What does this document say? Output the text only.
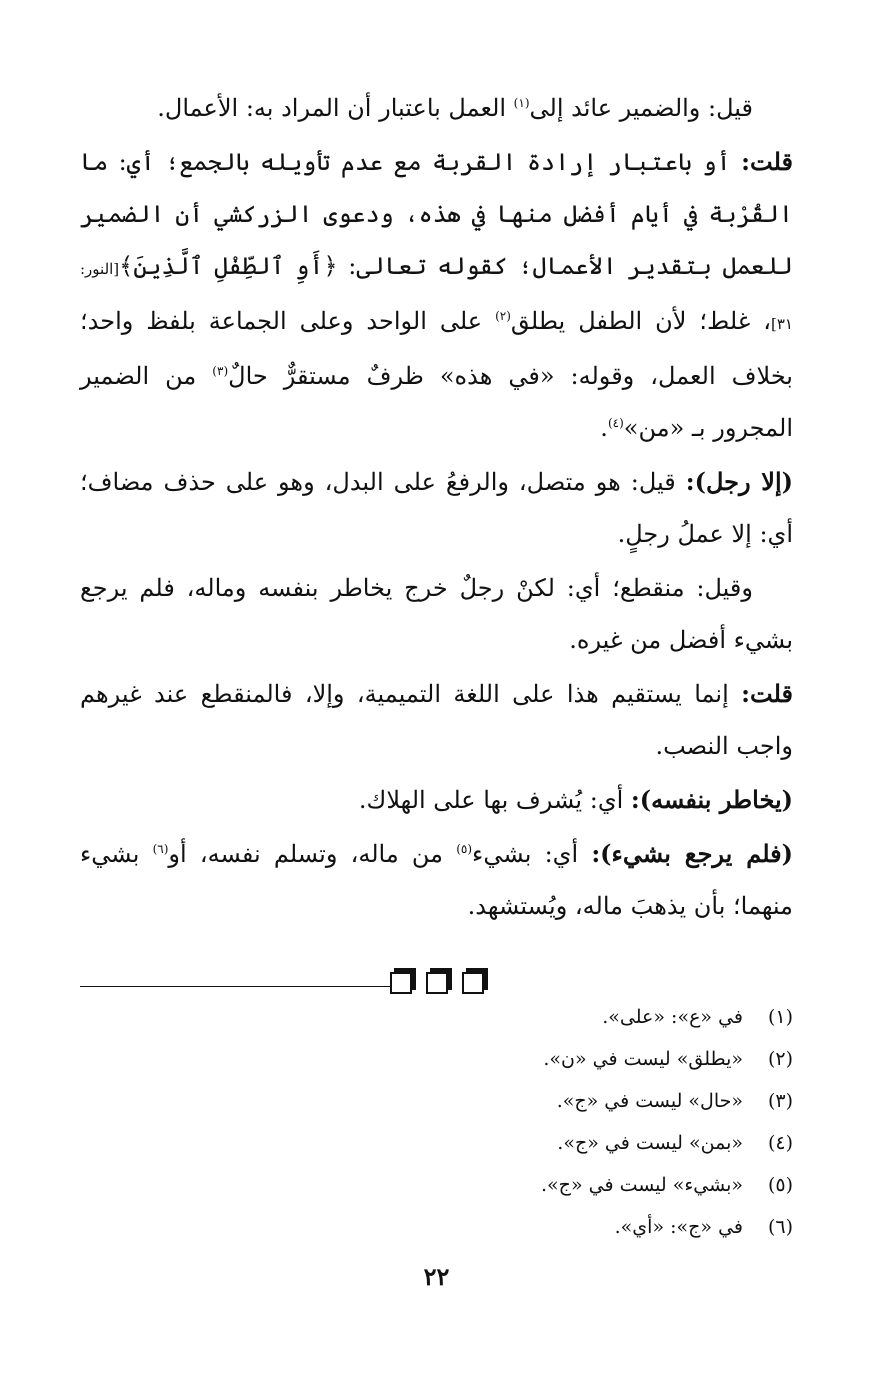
قيل: والضمير عائد إلى$^{(١)}$ العمل باعتبار أن المراد به: الأعمال.

قلت: أو باعتبار إرادة القربة مع عدم تأويله بالجمع؛ أي: ما القُرْبة في أيام أفضل منها في هذه، ودعوى الزركشي أن الضمير للعمل بتقدير الأعمال؛ كقوله تعالى: ﴿أَوِ ٱلطِّفْلِ ٱلَّذِينَ﴾[النور: ٣١]، غلط؛ لأن الطفل يطلق$^{(٢)}$ على الواحد وعلى الجماعة بلفظ واحد؛ بخلاف العمل، وقوله: «في هذه» ظرفٌ مستقرٌّ حالٌ$^{(٣)}$ من الضمير المجرور بـ «من»$^{(٤)}$.

(إلا رجل): قيل: هو متصل، والرفعُ على البدل، وهو على حذف مضاف؛ أي: إلا عملُ رجلٍ.

وقيل: منقطع؛ أي: لكنْ رجلٌ خرج يخاطر بنفسه وماله، فلم يرجع بشيء أفضل من غيره.

قلت: إنما يستقيم هذا على اللغة التميمية، وإلا، فالمنقطع عند غيرهم واجب النصب.

(يخاطر بنفسه): أي: يُشرف بها على الهلاك.

(فلم يرجع بشيء): أي: بشيء$^{(٥)}$ من ماله، وتسلم نفسه، أو$^{(٦)}$ بشيء منهما؛ بأن يذهبَ ماله، ويُستشهد.

(١)
في «ع»: «على».
(٢)
«يطلق» ليست في «ن».
(٣)
«حال» ليست في «ج».
(٤)
«بمن» ليست في «ج».
(٥)
«بشيء» ليست في «ج».
(٦)
في «ج»: «أي».
٢٢
